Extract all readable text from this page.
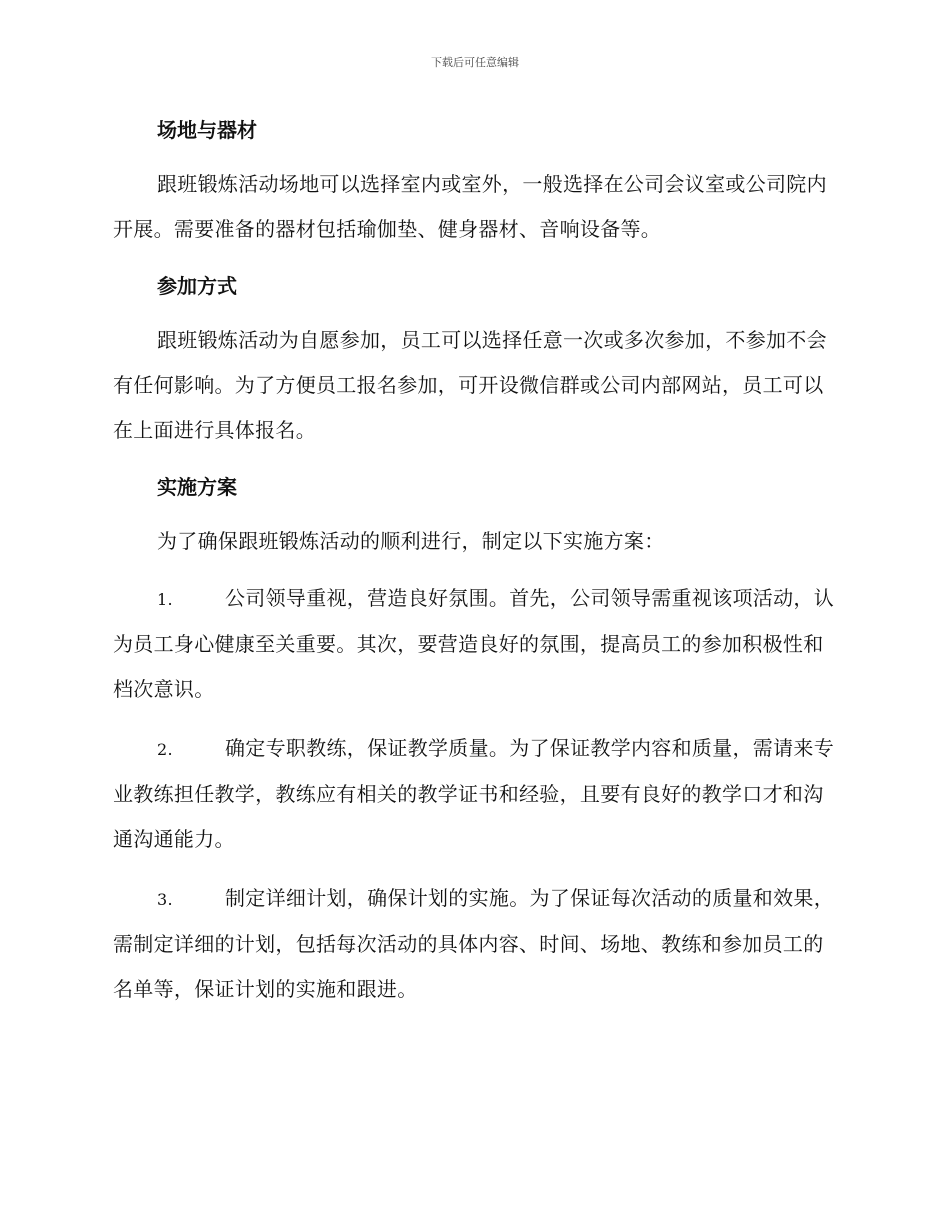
下载后可任意编辑
场地与器材

跟班锻炼活动场地可以选择室内或室外，一般选择在公司会议室或公司院内开展。需要准备的器材包括瑜伽垫、健身器材、音响设备等。

参加方式

跟班锻炼活动为自愿参加，员工可以选择任意一次或多次参加，不参加不会有任何影响。为了方便员工报名参加，可开设微信群或公司内部网站，员工可以在上面进行具体报名。

实施方案

为了确保跟班锻炼活动的顺利进行，制定以下实施方案：

1.	公司领导重视，营造良好氛围。首先，公司领导需重视该项活动，认为员工身心健康至关重要。其次，要营造良好的氛围，提高员工的参加积极性和档次意识。
2.	确定专职教练，保证教学质量。为了保证教学内容和质量，需请来专业教练担任教学，教练应有相关的教学证书和经验，且要有良好的教学口才和沟通沟通能力。
3.	制定详细计划，确保计划的实施。为了保证每次活动的质量和效果，需制定详细的计划，包括每次活动的具体内容、时间、场地、教练和参加员工的名单等，保证计划的实施和跟进。
